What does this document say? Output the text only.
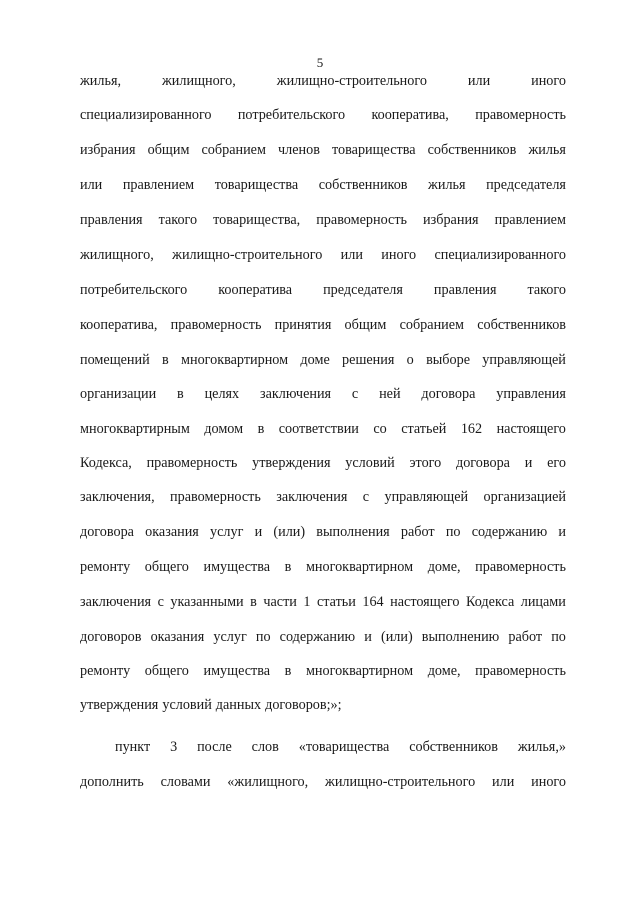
5
жилья,	жилищного,	жилищно-строительного	или	иного
специализированного потребительского кооператива, правомерность
избрания общим собранием членов товарищества собственников жилья
или правлением товарищества собственников жилья председателя
правления такого товарищества, правомерность избрания правлением
жилищного, жилищно-строительного или иного специализированного
потребительского кооператива председателя правления такого
кооператива, правомерность принятия общим собранием собственников
помещений в многоквартирном доме решения о выборе управляющей
организации в целях заключения с ней договора управления
многоквартирным домом в соответствии со статьей 162 настоящего
Кодекса, правомерность утверждения условий этого договора и его
заключения, правомерность заключения с управляющей организацией
договора оказания услуг и (или) выполнения работ по содержанию и
ремонту общего имущества в многоквартирном доме, правомерность
заключения с указанными в части 1 статьи 164 настоящего Кодекса лицами
договоров оказания услуг по содержанию и (или) выполнению работ по
ремонту общего имущества в многоквартирном доме, правомерность
утверждения условий данных договоров;»;
пункт 3 после слов «товарищества собственников жилья,»
дополнить словами «жилищного, жилищно-строительного или иного
